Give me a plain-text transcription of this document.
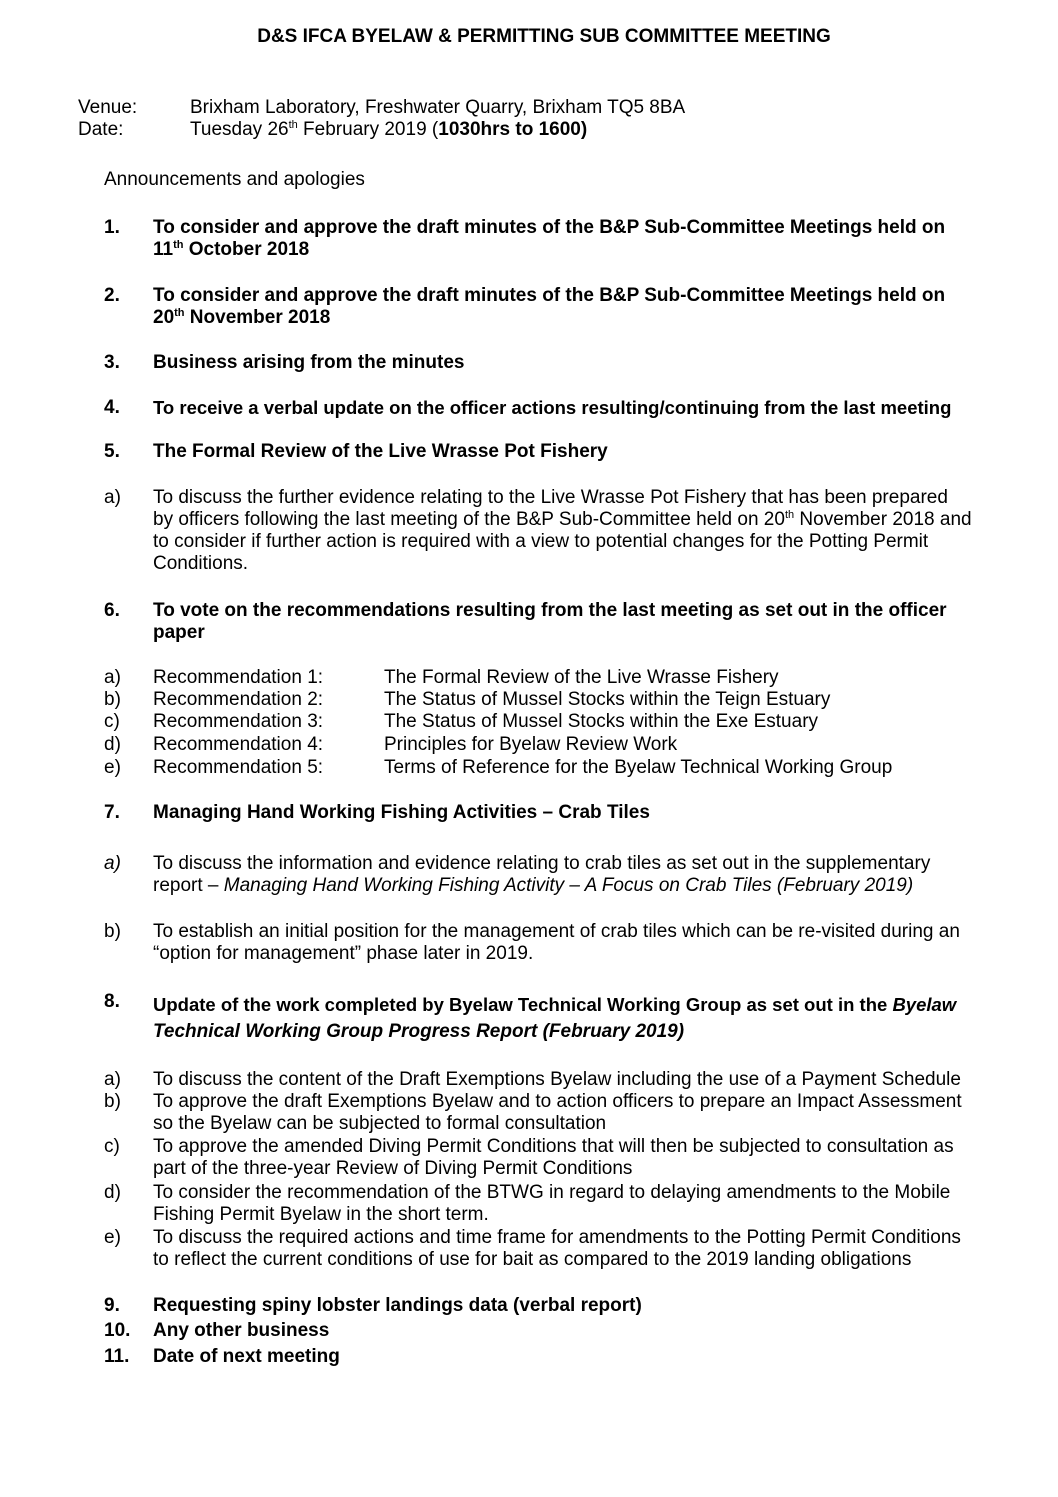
D&S IFCA BYELAW & PERMITTING SUB COMMITTEE MEETING
Venue:	Brixham Laboratory, Freshwater Quarry, Brixham TQ5 8BA
Date:	Tuesday 26th February 2019 (1030hrs to 1600)
Announcements and apologies
1.	To consider and approve the draft minutes of the B&P Sub-Committee Meetings held on
11th October 2018
2.	To consider and approve the draft minutes of the B&P Sub-Committee Meetings held on
20th November 2018
3.	Business arising from the minutes
4.	To receive a verbal update on the officer actions resulting/continuing from the last meeting
5.	The Formal Review of the Live Wrasse Pot Fishery
a)	To discuss the further evidence relating to the Live Wrasse Pot Fishery that has been prepared
by officers following the last meeting of the B&P Sub-Committee held on 20th November 2018 and
to consider if further action is required with a view to potential changes for the Potting Permit
Conditions.
6.	To vote on the recommendations resulting from the last meeting as set out in the officer
paper
a)	Recommendation 1:	The Formal Review of the Live Wrasse Fishery
b)	Recommendation 2:	The Status of Mussel Stocks within the Teign Estuary
c)	Recommendation 3:	The Status of Mussel Stocks within the Exe Estuary
d)	Recommendation 4:	Principles for Byelaw Review Work
e)	Recommendation 5:	Terms of Reference for the Byelaw Technical Working Group
7.	Managing Hand Working Fishing Activities – Crab Tiles
a)	To discuss the information and evidence relating to crab tiles as set out in the supplementary
report – Managing Hand Working Fishing Activity – A Focus on Crab Tiles (February 2019)
b)	To establish an initial position for the management of crab tiles which can be re-visited during an
“option for management” phase later in 2019.
8.	Update of the work completed by Byelaw Technical Working Group as set out in the Byelaw
Technical Working Group Progress Report (February 2019)
a)	To discuss the content of the Draft Exemptions Byelaw including the use of a Payment Schedule
b)	To approve the draft Exemptions Byelaw and to action officers to prepare an Impact Assessment
so the Byelaw can be subjected to formal consultation
c)	To approve the amended Diving Permit Conditions that will then be subjected to consultation as
part of the three-year Review of Diving Permit Conditions
d)	To consider the recommendation of the BTWG in regard to delaying amendments to the Mobile
Fishing Permit Byelaw in the short term.
e)	To discuss the required actions and time frame for amendments to the Potting Permit Conditions
to reflect the current conditions of use for bait as compared to the 2019 landing obligations
9.	Requesting spiny lobster landings data (verbal report)
10.	Any other business
11.	Date of next meeting
